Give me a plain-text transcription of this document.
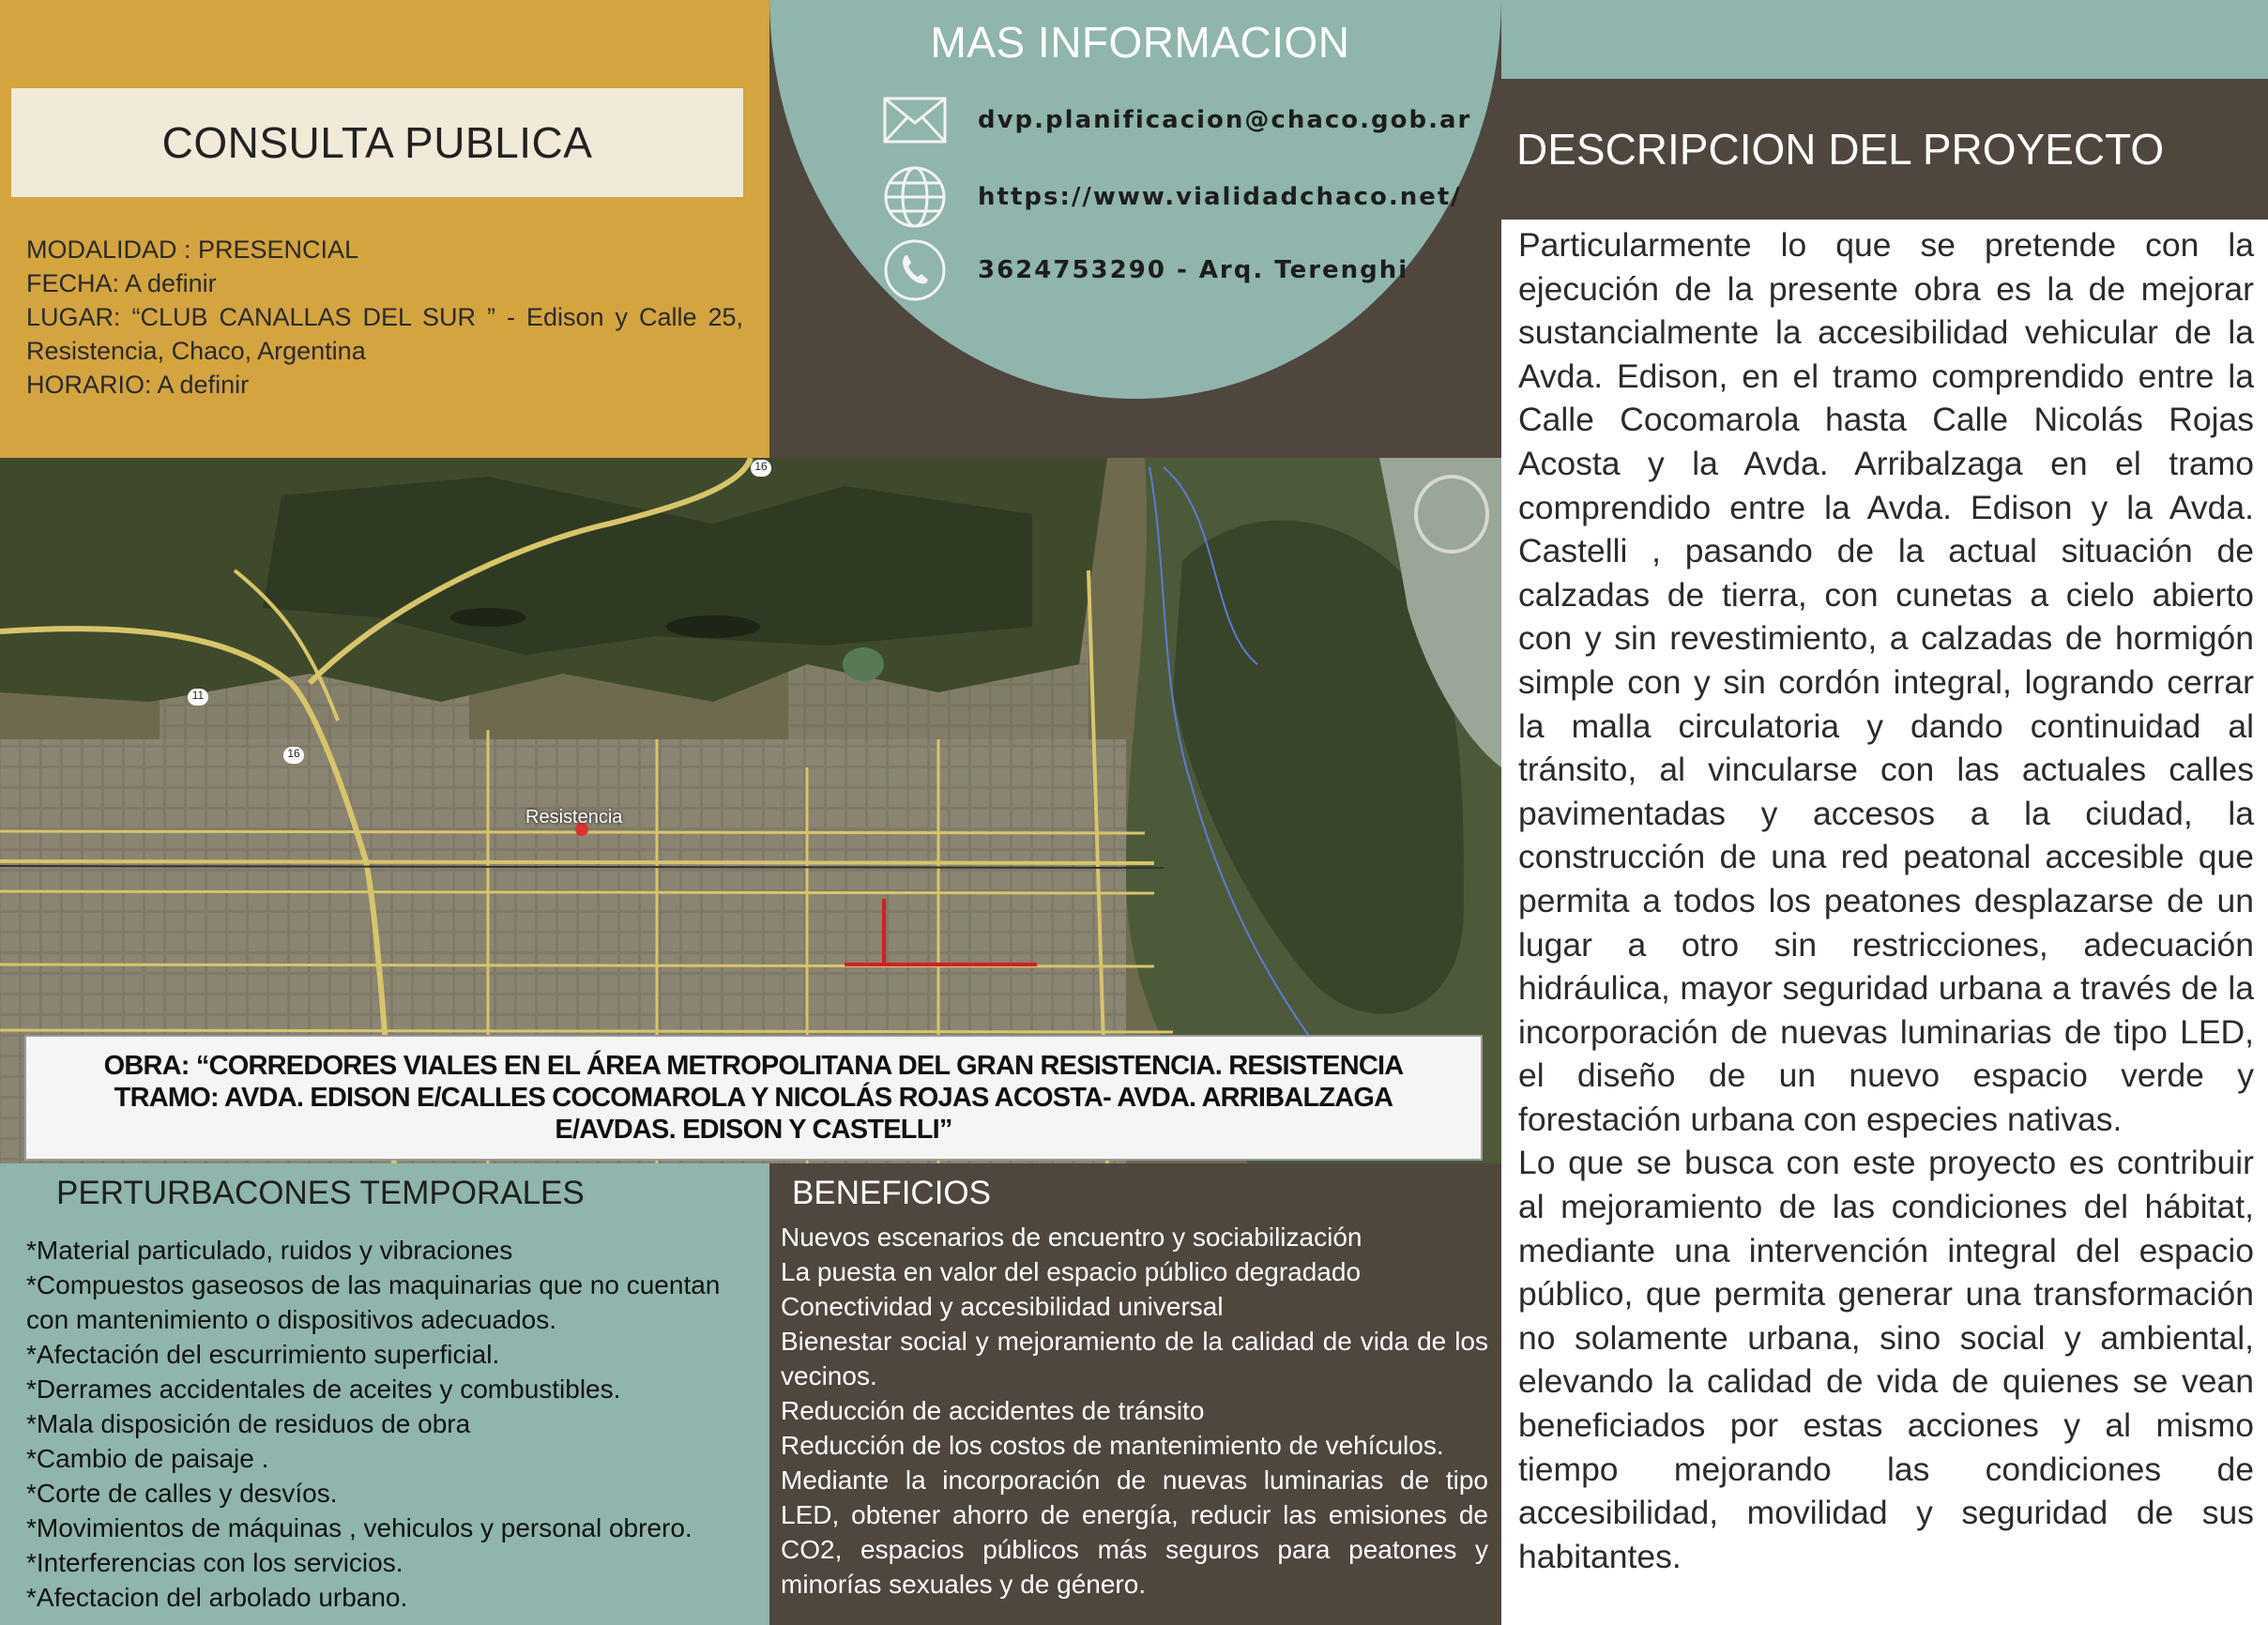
CONSULTA PUBLICA
MODALIDAD : PRESENCIAL
FECHA: A definir
LUGAR: “CLUB CANALLAS DEL SUR ” - Edison y Calle 25, Resistencia, Chaco, Argentina
HORARIO: A definir
MAS INFORMACION
dvp.planificacion@chaco.gob.ar
https://www.vialidadchaco.net/
3624753290 - Arq. Terenghi
DESCRIPCION DEL PROYECTO

Particularmente lo que se pretende con la ejecución de la presente obra es la de mejorar sustancialmente la accesibilidad vehicular de la Avda. Edison, en el tramo comprendido entre la Calle Cocomarola hasta Calle Nicolás Rojas Acosta y la Avda. Arribalzaga en el tramo comprendido entre la Avda. Edison y la Avda. Castelli , pasando de la actual situación de calzadas de tierra, con cunetas a cielo abierto con y sin revestimiento, a calzadas de hormigón simple con y sin cordón integral, logrando cerrar la malla circulatoria y dando continuidad al tránsito, al vincularse con las actuales calles pavimentadas y accesos a la ciudad, la construcción de una red peatonal accesible que permita a todos los peatones desplazarse de un lugar a otro sin restricciones, adecuación hidráulica, mayor seguridad urbana a través de la incorporación de nuevas luminarias de tipo LED, el diseño de un nuevo espacio verde y forestación urbana con especies nativas.

Lo que se busca con este proyecto es contribuir al mejoramiento de las condiciones del hábitat, mediante una intervención integral del espacio público, que permita generar una transformación no solamente urbana, sino social y ambiental, elevando la calidad de vida de quienes se vean beneficiados por estas acciones y al mismo tiempo mejorando las condiciones de accesibilidad, movilidad y seguridad de sus habitantes.

Resistencia
16
11
16
OBRA: “CORREDORES VIALES EN EL ÁREA METROPOLITANA DEL GRAN RESISTENCIA. RESISTENCIA
TRAMO: AVDA. EDISON E/CALLES COCOMAROLA Y NICOLÁS ROJAS ACOSTA- AVDA. ARRIBALZAGA
E/AVDAS. EDISON Y CASTELLI”
PERTURBACONES TEMPORALES
*Material particulado, ruidos y vibraciones
*Compuestos gaseosos de las maquinarias que no cuentan con mantenimiento o dispositivos adecuados.
*Afectación del escurrimiento superficial.
*Derrames accidentales de aceites y combustibles.
*Mala disposición de residuos de obra
*Cambio de paisaje .
*Corte de calles y desvíos.
*Movimientos de máquinas , vehiculos y personal obrero.
*Interferencias con los servicios.
*Afectacion del arbolado urbano.
BENEFICIOS
Nuevos escenarios de encuentro y sociabilización
La puesta en valor del espacio público degradado
Conectividad y accesibilidad universal
Bienestar social y mejoramiento de la calidad de vida de los vecinos.
Reducción de accidentes de tránsito
Reducción de los costos de mantenimiento de vehículos.
Mediante la incorporación de nuevas luminarias de tipo LED, obtener ahorro de energía, reducir las emisiones de CO2, espacios públicos más seguros para peatones y minorías sexuales y de género.
